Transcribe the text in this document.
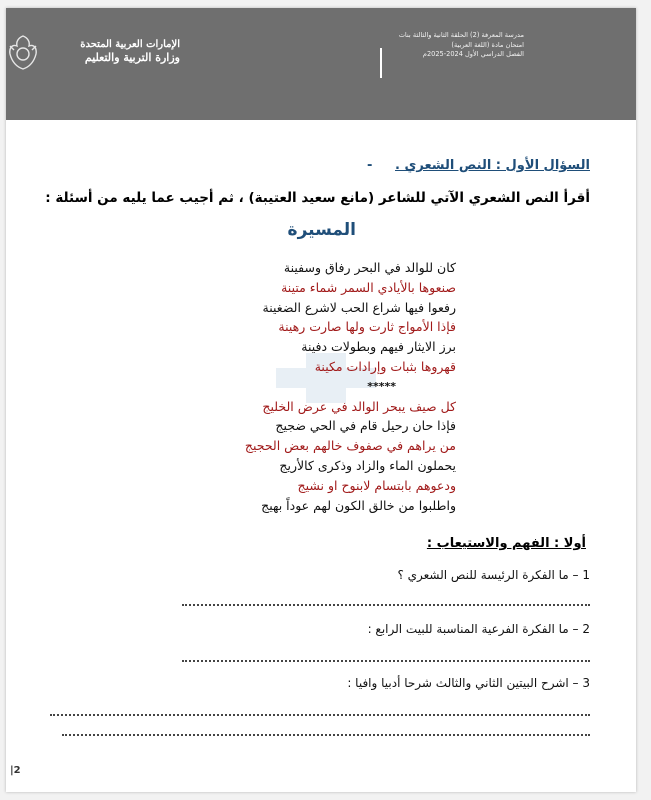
الإمارات العربية المتحدة
وزارة التربية والتعليم
مدرسة المعرفة (2) الحلقة الثانية والثالثة بنات
امتحان مادة (اللغة العربية)
الفصل الدراسي الأول 2024-2025م
السؤال الأول : النص الشعري .     -
أقرأ النص الشعري الآتي للشاعر (مانع سعيد العتيبة) ، ثم أجيب عما يليه من أسئلة :
المسيرة
كان للوالد في البحر رفاق وسفينة
صنعوها بالأيادي السمر شماء متينة
رفعوا فيها شراع الحب لاشرع الضغينة
فإذا الأمواج ثارت ولها صارت رهينة
برز الايثار فيهم وبطولات دفينة
قهروها بثبات وإرادات مكينة
*****
كل صيف يبحر الوالد في عرض الخليج
فإذا حان رحيل قام في الحي ضجيج
من يراهم في صفوف خالهم بعض الحجيج
يحملون الماء والزاد وذكرى كالأريج
ودعوهم بابتسام لابنوح او نشيج
واطلبوا من خالق الكون لهم عوداً بهيج
أولا : الفهم والاستيعاب :
1 – ما الفكرة الرئيسة للنص الشعري ؟
2 – ما الفكرة الفرعية المناسبة للبيت الرابع :
3 – اشرح البيتين الثاني والثالث شرحا أدبيا وافيا :
|2
